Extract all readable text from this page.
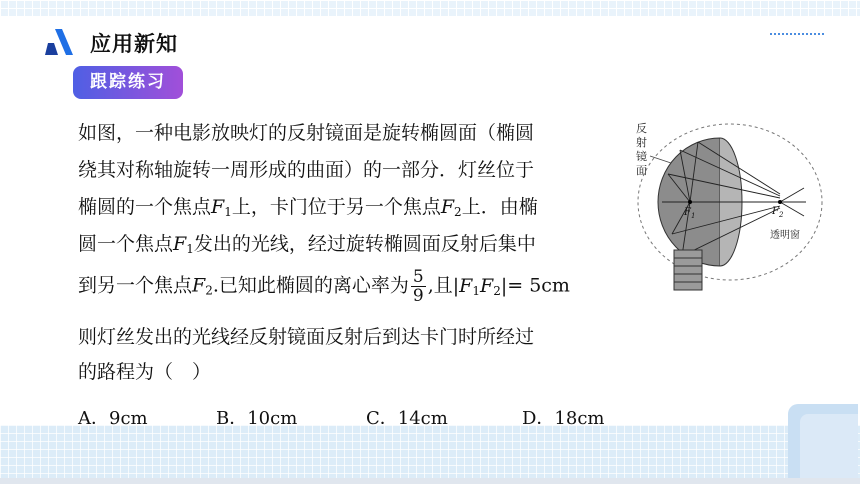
应用新知
跟踪练习
如图，一种电影放映灯的反射镜面是旋转椭圆面（椭圆
绕其对称轴旋转一周形成的曲面）的一部分．灯丝位于
椭圆的一个焦点$F_1$上，卡门位于另一个焦点$F_2$上．由椭
圆一个焦点$F_1$发出的光线，经过旋转椭圆面反射后集中
到另一个焦点$F_2$.已知此椭圆的离心率为 $\frac{5}{9}$ ,且$|F_1F_2|= 5cm$
则灯丝发出的光线经反射镜面反射后到达卡门时所经过
的路程为（　）
A．9cm	B．10cm	C．14cm	D．18cm
反
射
镜
面
F 1	F 2
透明窗
